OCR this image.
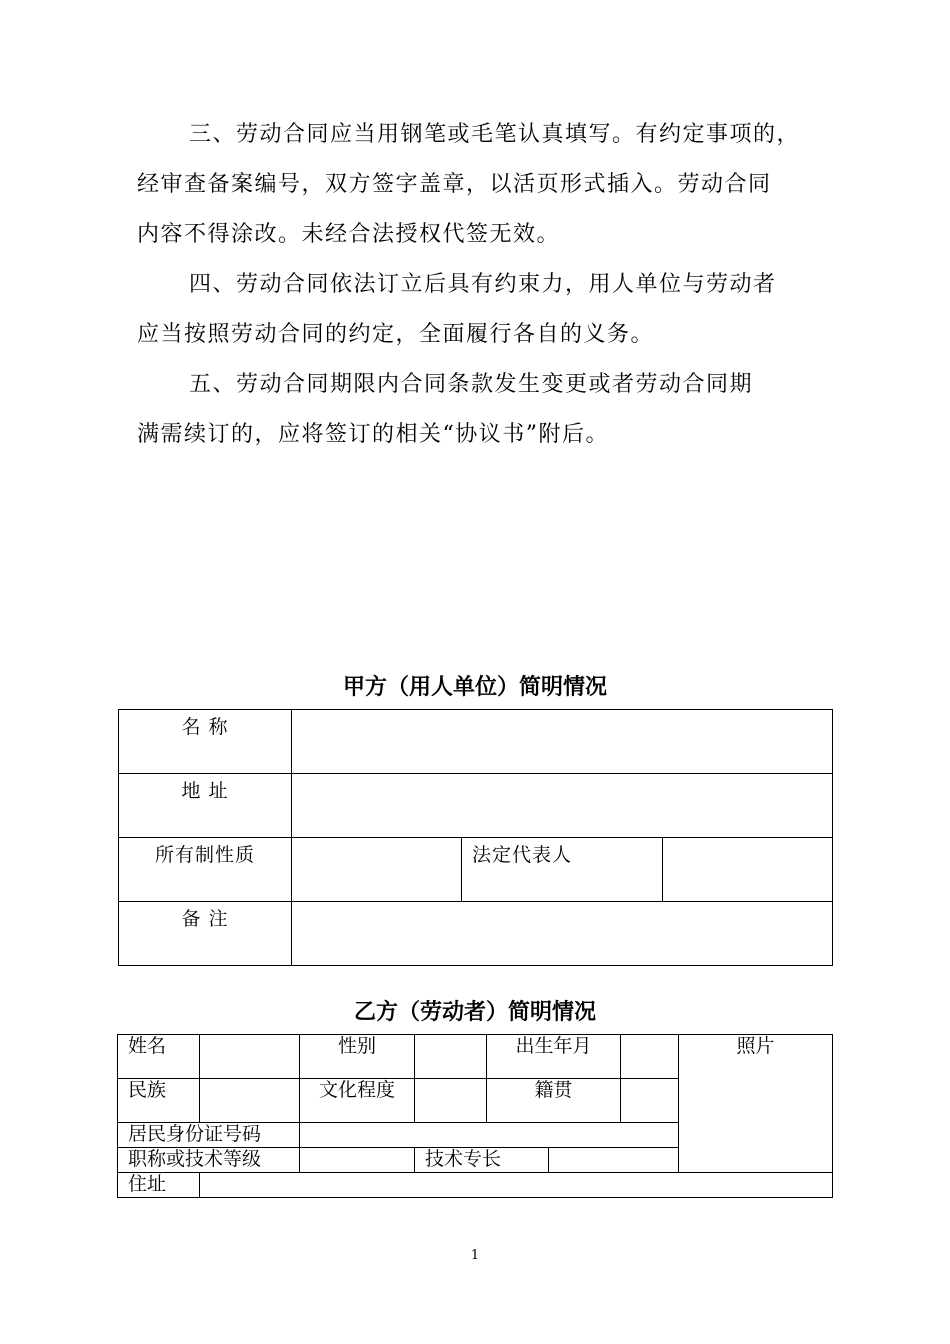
三、劳动合同应当用钢笔或毛笔认真填写。有约定事项的，
经审查备案编号，双方签字盖章，以活页形式插入。劳动合同
内容不得涂改。未经合法授权代签无效。

四、劳动合同依法订立后具有约束力，用人单位与劳动者
应当按照劳动合同的约定，全面履行各自的义务。

五、劳动合同期限内合同条款发生变更或者劳动合同期
满需续订的，应将签订的相关“协议书”附后。

甲方（用人单位）简明情况
名 称			
地 址			
所有制性质		法定代表人	
备 注			
乙方（劳动者）简明情况
姓名		性别		出生年月			照片
民族		文化程度		籍贯			
居民身份证号码							
职称或技术等级			技术专长				
住址							

1
